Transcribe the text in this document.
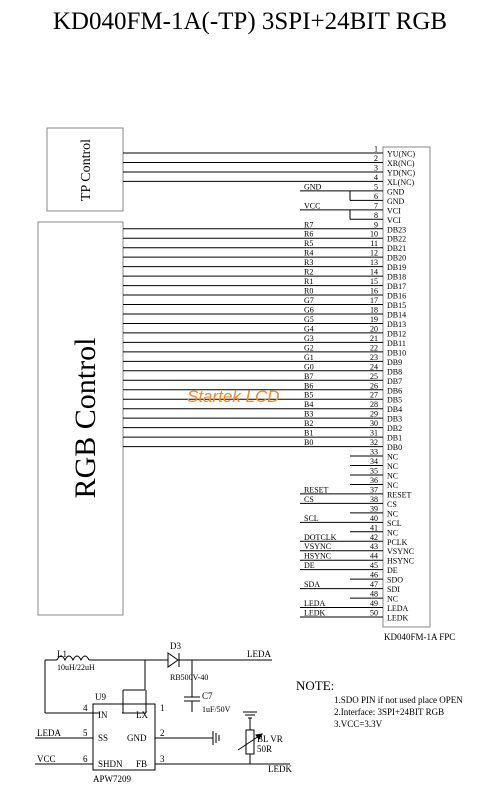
KD040FM-1A(-TP) 3SPI+24BIT RGB
TP Control
RGB Control
KD040FM-1A FPC
1
YU(NC)
2
XR(NC)
3
YD(NC)
4
XL(NC)
5
GND
GND
6
GND
7
VCI
VCC
8
VCI
9
DB23
R7
10
DB22
R6
11
DB21
R5
12
DB20
R4
13
DB19
R3
14
DB18
R2
15
DB17
R1
16
DB16
R0
17
DB15
G7
18
DB14
G6
19
DB13
G5
20
DB12
G4
21
DB11
G3
22
DB10
G2
23
DB9
G1
24
DB8
G0
25
DB7
B7
26
DB6
B6
27
DB5
B5
28
DB4
B4
29
DB3
B3
30
DB2
B2
31
DB1
B1
32
DB0
B0
33
NC
34
NC
35
NC
36
NC
37
RESET
RESET
38
CS
CS
39
NC
40
SCL
SCL
41
NC
42
PCLK
DOTCLK
43
VSYNC
VSYNC
44
HSYNC
HSYNC
45
DE
DE
46
SDO
47
SDI
SDA
48
NC
49
LEDA
LEDA
50
LEDK
LEDK
Startek LCD
L1
10uH/22uH
D3
RB500V-40
C7
1uF/50V
U9
IN	LX
SS GND
SHDN FB
4	1
5	2
6	3
LEDA
VCC
APW7209
LEDA
LEDK
BL VR
50R
NOTE:
1.SDO PIN if not used place OPEN
2.Interface: 3SPI+24BIT RGB
3.VCC=3.3V
